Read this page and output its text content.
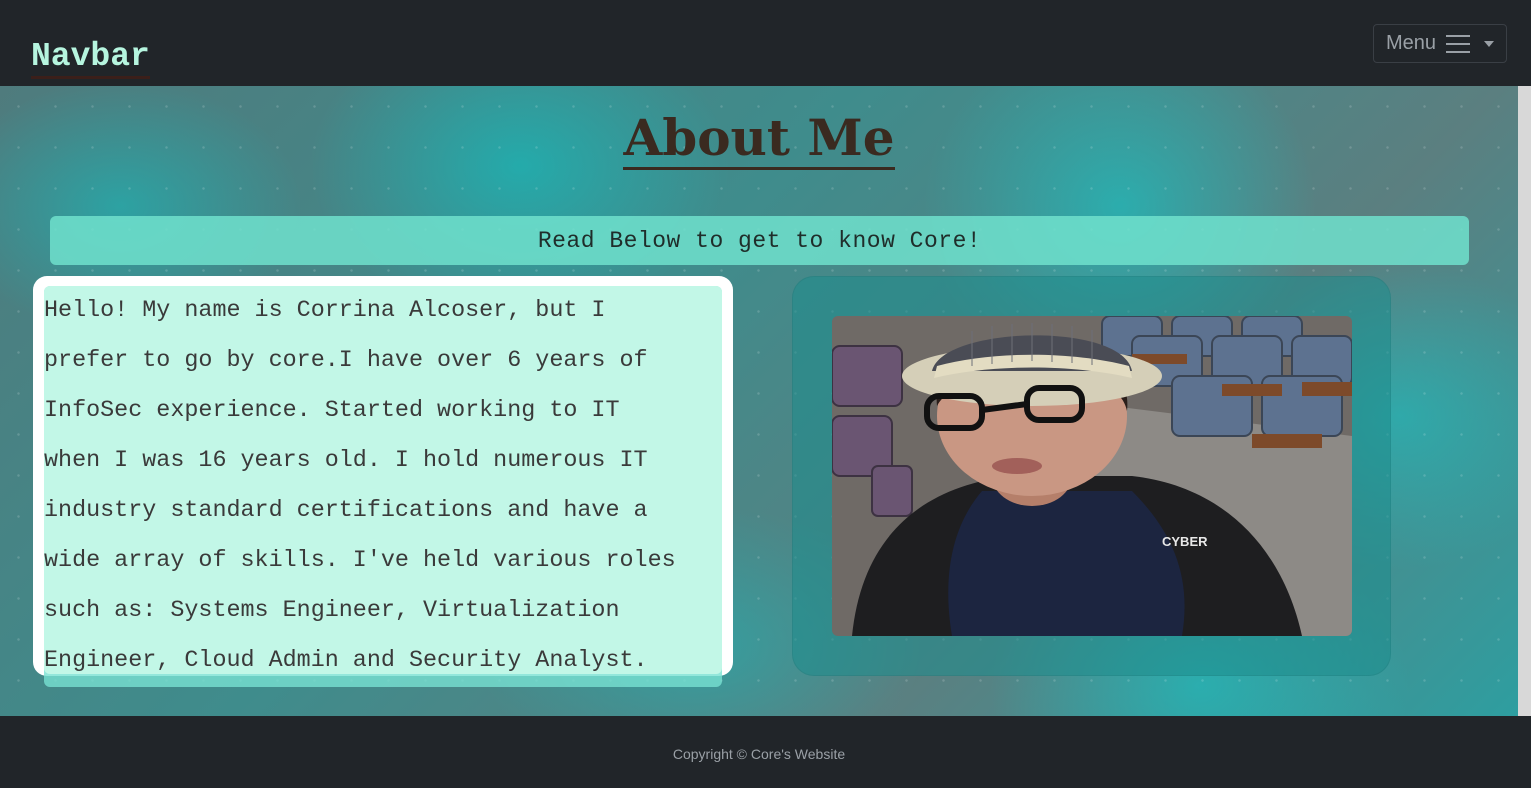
Navbar	Menu
About Me
Read Below to get to know Core!
Hello! My name is Corrina Alcoser, but I
prefer to go by core.I have over 6 years of
InfoSec experience. Started working to IT
when I was 16 years old. I hold numerous IT
industry standard certifications and have a
wide array of skills. I've held various roles
such as: Systems Engineer, Virtualization
Engineer, Cloud Admin and Security Analyst.
CYBER
Copyright © Core's Website
